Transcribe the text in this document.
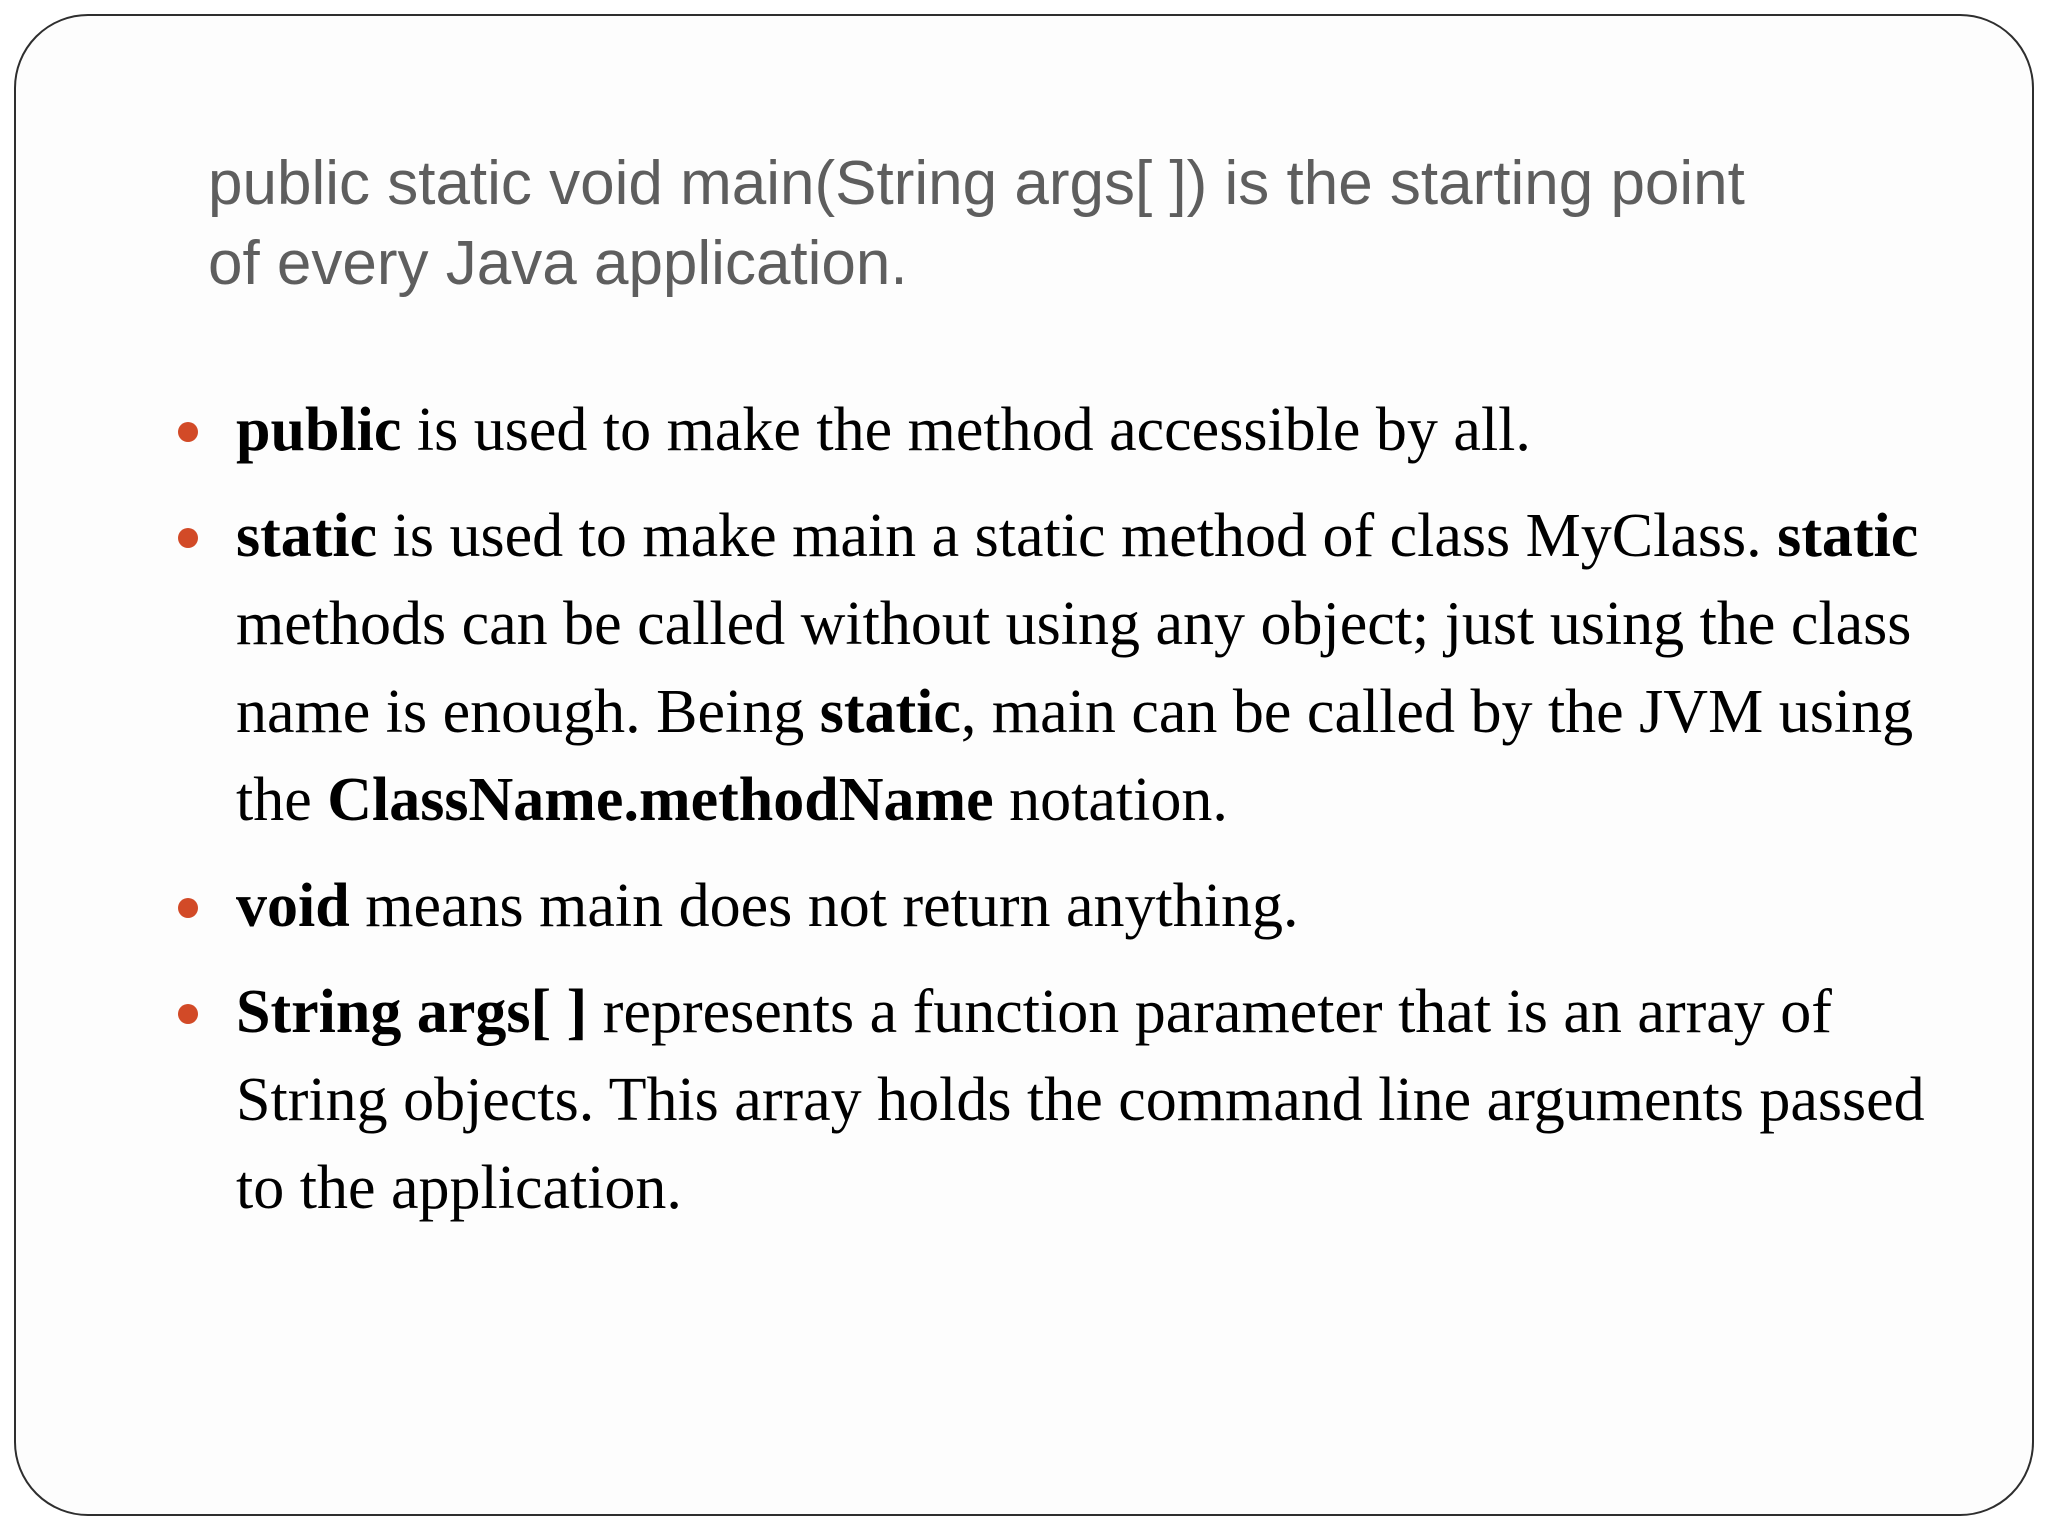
public static void main(String args[ ]) is the starting point of every Java application.
public is used to make the method accessible by all.
static is used to make main a static method of class MyClass. static methods can be called without using any object; just using the class name is enough. Being static, main can be called by the JVM using the ClassName.methodName notation.
void means main does not return anything.
String args[ ] represents a function parameter that is an array of String objects. This array holds the command line arguments passed to the application.
